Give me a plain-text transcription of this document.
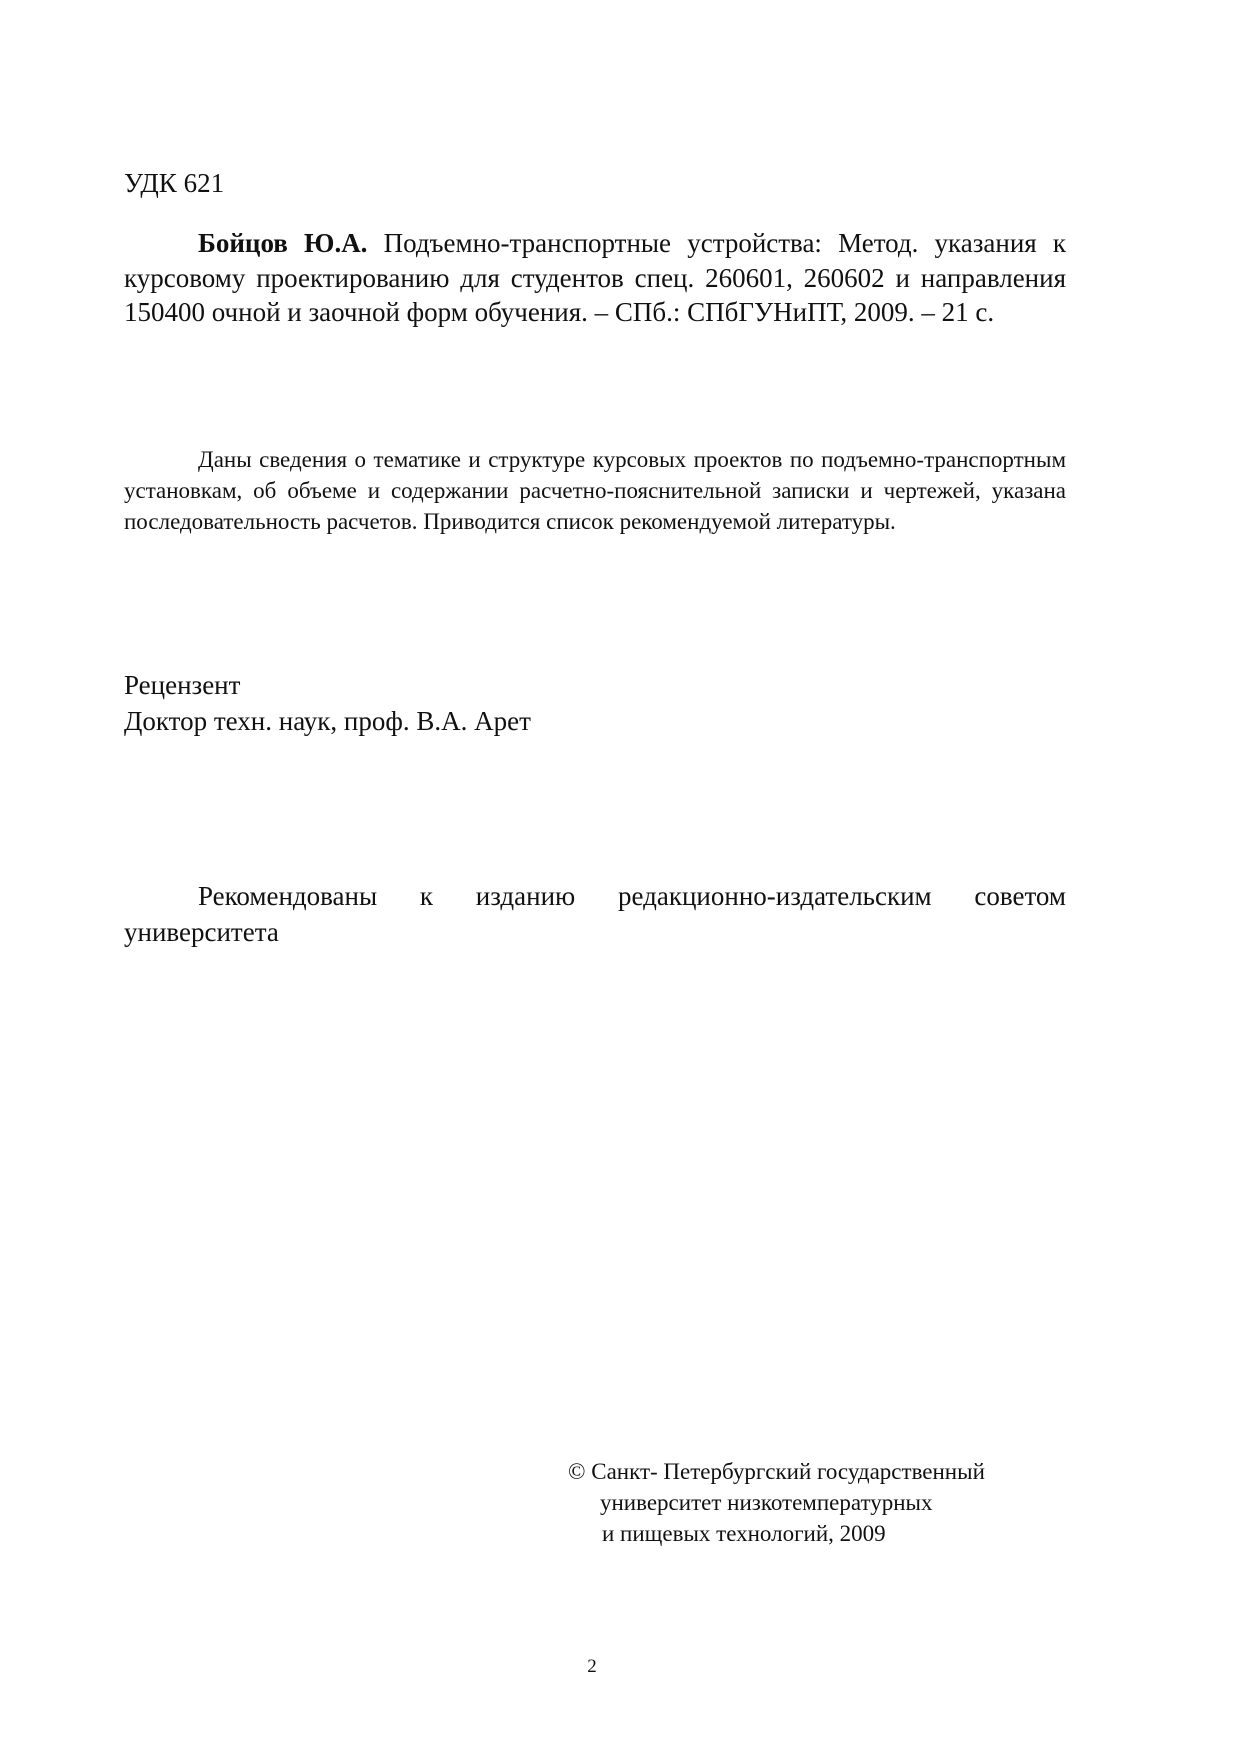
УДК 621

Бойцов Ю.А. Подъемно-транспортные устройства: Метод. указания к курсовому проектированию для студентов спец. 260601, 260602 и направления 150400 очной и заочной форм обучения. – СПб.: СПбГУНиПТ, 2009. – 21 с.

Даны сведения о тематике и структуре курсовых проектов по подъемно-транспортным установкам, об объеме и содержании расчетно-пояснительной записки и чертежей, указана последовательность расчетов. Приводится список рекомендуемой литературы.

Рецензент
Доктор техн. наук, проф. В.А. Арет

Рекомендованы к изданию редакционно-издательским советом университета

© Санкт- Петербургский государственный
университет низкотемпературных
и пищевых технологий, 2009

2
